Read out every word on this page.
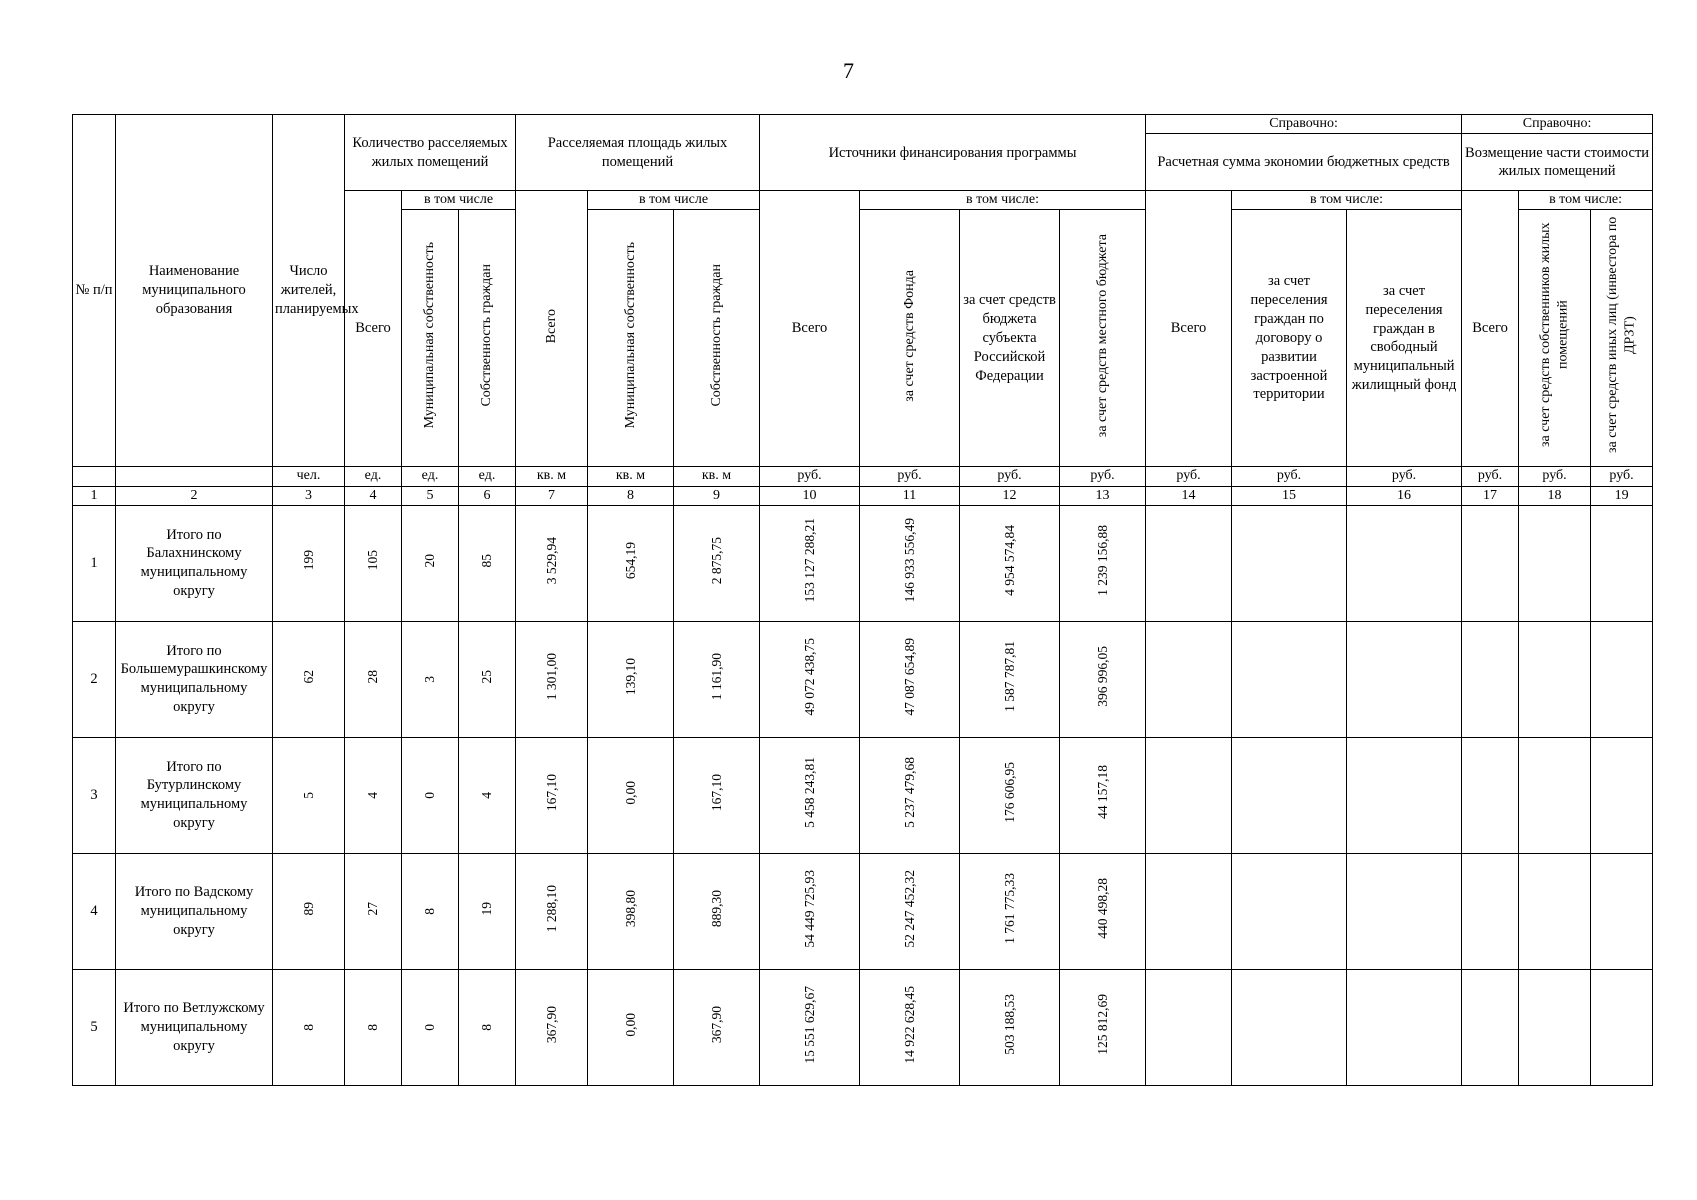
7
№ п/п	Наименование муниципального образования	Число жителей, планируемых	Количество расселяемых жилых помещений			Расселяемая площадь жилых помещений			Источники финансирования программы				Справочно:			Справочно:		
													Расчетная сумма экономии бюджетных средств			Возмещение части стоимости жилых помещений		
			Всего	в том числе		Всего	в том числе		Всего	в том числе:			Всего	в том числе:		Всего	в том числе:	
				Муниципальная собственность	Собственность граждан		Муниципальная собственность	Собственность граждан		за счет средств Фонда	за счет средств бюджета субъекта Российской Федерации	за счет средств местного бюджета		за счет переселения граждан по договору о развитии застроенной территории	за счет переселения граждан в свободный муниципальный жилищный фонд		за счет средств собственников жилых помещений	за счет средств иных лиц (инвестора по ДРЗТ)
		чел.	ед.	ед.	ед.	кв. м	кв. м	кв. м	руб.	руб.	руб.	руб.	руб.	руб.	руб.	руб.	руб.	руб.
1	2	3	4	5	6	7	8	9	10	11	12	13	14	15	16	17	18	19
1	Итого по Балахнинскому муниципальному округу	199	105	20	85	3 529,94	654,19	2 875,75	153 127 288,21	146 933 556,49	4 954 574,84	1 239 156,88						
2	Итого по Большемурашкинскому муниципальному округу	62	28	3	25	1 301,00	139,10	1 161,90	49 072 438,75	47 087 654,89	1 587 787,81	396 996,05						
3	Итого по Бутурлинскому муниципальному округу	5	4	0	4	167,10	0,00	167,10	5 458 243,81	5 237 479,68	176 606,95	44 157,18						
4	Итого по Вадскому муниципальному округу	89	27	8	19	1 288,10	398,80	889,30	54 449 725,93	52 247 452,32	1 761 775,33	440 498,28						
5	Итого по Ветлужскому муниципальному округу	8	8	0	8	367,90	0,00	367,90	15 551 629,67	14 922 628,45	503 188,53	125 812,69						
